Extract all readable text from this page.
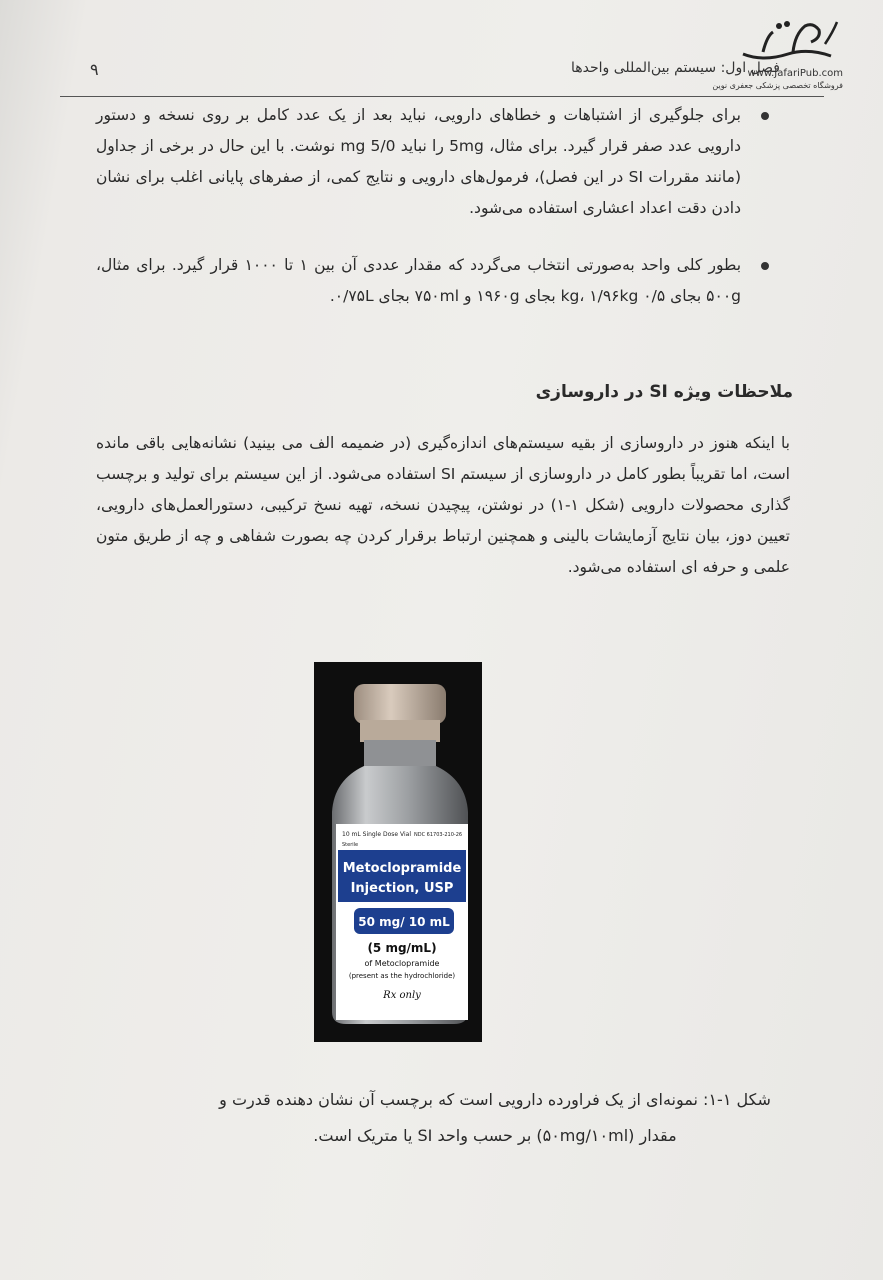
۹	فصل اول: سیستم بین‌المللی واحدها
www.JafariPub.com
فروشگاه تخصصی پزشکی جعفری نوین
برای جلوگیری از اشتباهات و خطاهای دارویی، نباید بعد از یک عدد کامل بر روی نسخه و دستور دارویی عدد صفر قرار گیرد. برای مثال، 5mg را نباید 5/0 mg نوشت. با این حال در برخی از جداول (مانند مقررات SI در این فصل)، فرمول‌های دارویی و نتایج کمی، از صفرهای پایانی اغلب برای نشان دادن دقت اعداد اعشاری استفاده می‌شود.
بطور کلی واحد به‌صورتی انتخاب می‌گردد که مقدار عددی آن بین ۱ تا ۱۰۰۰ قرار گیرد. برای مثال، ۵۰۰g بجای ۰/۵ kg، ۱/۹۶kg بجای ۱۹۶۰g و ۷۵۰ml بجای ۰/۷۵L.
ملاحظات ویژه SI در داروسازی
با اینکه هنوز در داروسازی از بقیه سیستم‌های اندازه‌گیری (در ضمیمه الف می بینید) نشانه‌هایی باقی مانده است، اما تقریباً بطور کامل در داروسازی از سیستم SI استفاده می‌شود. از این سیستم برای تولید و برچسب گذاری محصولات دارویی (شکل ۱-۱) در نوشتن، پیچیدن نسخه، تهیه نسخ ترکیبی، دستورالعمل‌های دارویی، تعیین دوز، بیان نتایج آزمایشات بالینی و همچنین ارتباط برقرار کردن چه بصورت شفاهی و چه از طریق متون علمی و حرفه ای استفاده می‌شود.
10 mL Single Dose Vial NDC 61703-210-26
Sterile
Metoclopramide
Injection, USP
50 mg/ 10 mL
(5 mg/mL)
of Metoclopramide
(present as the hydrochloride)
Rx only
شکل ۱-۱: نمونه‌ای از یک فراورده دارویی است که برچسب آن نشان دهنده قدرت و مقدار (۵۰mg/۱۰ml) بر حسب واحد SI یا متریک است.
